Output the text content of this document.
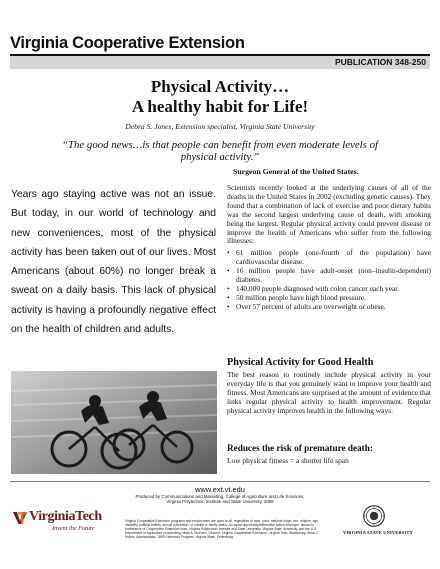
Virginia Cooperative Extension
PUBLICATION 348-250
Physical Activity…
A healthy habit for Life!
Debra S. Jones, Extension specialist, Virginia State University
“The good news…is that people can benefit from even moderate levels of physical activity.”
Surgeon General of the United States.
Years ago staying active was not an issue. But today, in our world of technology and new conveniences, most of the physical activity has been taken out of our lives. Most Americans (about 60%) no longer break a sweat on a daily basis. This lack of physical activity is having a profoundly negative effect on the health of children and adults.

Scientists recently looked at the underlying causes of all of the deaths in the United States in 2002 (excluding genetic causes). They found that a combination of lack of exercise and poor dietary habits was the second largest underlying cause of death, with smoking being the largest. Regular physical activity could prevent disease or improve the health of Americans who suffer from the following illnesses:

• 61 million people (one-fourth of the population) have cardiovascular disease.
• 16 million people have adult-onset (non–insulin-dependent) diabetes.
• 140,000 people diagnosed with colon cancer each year.
• 50 million people have high blood pressure.
• Over 57 percent of adults are overweight or obese.
Physical Activity for Good Health
The best reason to routinely include physical activity in your everyday life is that you genuinely want to improve your health and fitness. Most Americans are surprised at the amount of evidence that links regular physical activity to health improvement. Regular physical activity improves health in the following ways:
Reduces the risk of premature death:
Low physical fitness = a shorter life span
www.ext.vt.edu
Produced by Communications and Marketing, College of Agriculture and Life Sciences, Virginia Polytechnic Institute and State University, 2008
Virginia Cooperative Extension programs and employment are open to all, regardless of race, color, national origin, sex, religion, age, disability, political beliefs, sexual orientation, or marital or family status. An equal opportunity/affirmative action employer. Issued in furtherance of Cooperative Extension work, Virginia Polytechnic Institute and State University, Virginia State University, and the U.S. Department of Agriculture cooperating. Mark A. McCann, Director, Virginia Cooperative Extension, Virginia Tech, Blacksburg; Alma C. Hobbs, Administrator, 1890 Extension Program, Virginia State, Petersburg.
VirginiaTech
Invent the Future
VIRGINIA STATE UNIVERSITY
